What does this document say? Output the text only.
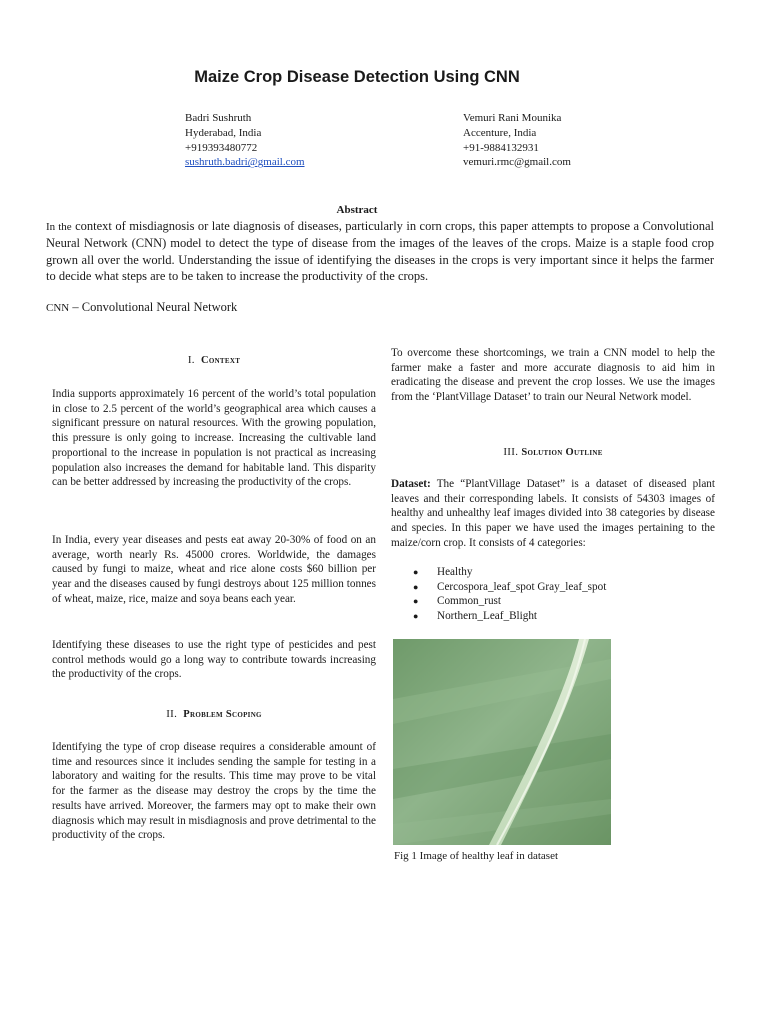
Maize Crop Disease Detection Using CNN
Badri Sushruth
Hyderabad, India
+919393480772
sushruth.badri@gmail.com
Vemuri Rani Mounika
Accenture, India
+91-9884132931
vemuri.rmc@gmail.com
Abstract

In the context of misdiagnosis or late diagnosis of diseases, particularly in corn crops, this paper attempts to propose a Convolutional Neural Network (CNN) model to detect the type of disease from the images of the leaves of the crops. Maize is a staple food crop grown all over the world. Understanding the issue of identifying the diseases in the crops is very important since it helps the farmer to decide what steps are to be taken to increase the productivity of the crops.

CNN – Convolutional Neural Network
I. Context

India supports approximately 16 percent of the world’s total population in close to 2.5 percent of the world’s geographical area which causes a significant pressure on natural resources. With the growing population, this pressure is only going to increase. Increasing the cultivable land proportional to the increase in population is not practical as increasing population also increases the demand for habitable land. This disparity can be better addressed by increasing the productivity of the crops.

In India, every year diseases and pests eat away 20-30% of food on an average, worth nearly Rs. 45000 crores. Worldwide, the damages caused by fungi to maize, wheat and rice alone costs $60 billion per year and the diseases caused by fungi destroys about 125 million tonnes of wheat, maize, rice, maize and soya beans each year.

Identifying these diseases to use the right type of pesticides and pest control methods would go a long way to contribute towards increasing the productivity of the crops.

II. Problem Scoping

Identifying the type of crop disease requires a considerable amount of time and resources since it includes sending the sample for testing in a laboratory and waiting for the results. This time may prove to be vital for the farmer as the disease may destroy the crops by the time the results have arrived. Moreover, the farmers may opt to make their own diagnosis which may result in misdiagnosis and prove detrimental to the productivity of the crops.

To overcome these shortcomings, we train a CNN model to help the farmer make a faster and more accurate diagnosis to aid him in eradicating the disease and prevent the crop losses. We use the images from the ‘PlantVillage Dataset’ to train our Neural Network model.

III. Solution Outline

Dataset: The “PlantVillage Dataset” is a dataset of diseased plant leaves and their corresponding labels. It consists of 54303 images of healthy and unhealthy leaf images divided into 38 categories by disease and species. In this paper we have used the images pertaining to the maize/corn crop. It consists of 4 categories:

● Healthy
● Cercospora_leaf_spot Gray_leaf_spot
● Common_rust
● Northern_Leaf_Blight
Fig 1 Image of healthy leaf in dataset
